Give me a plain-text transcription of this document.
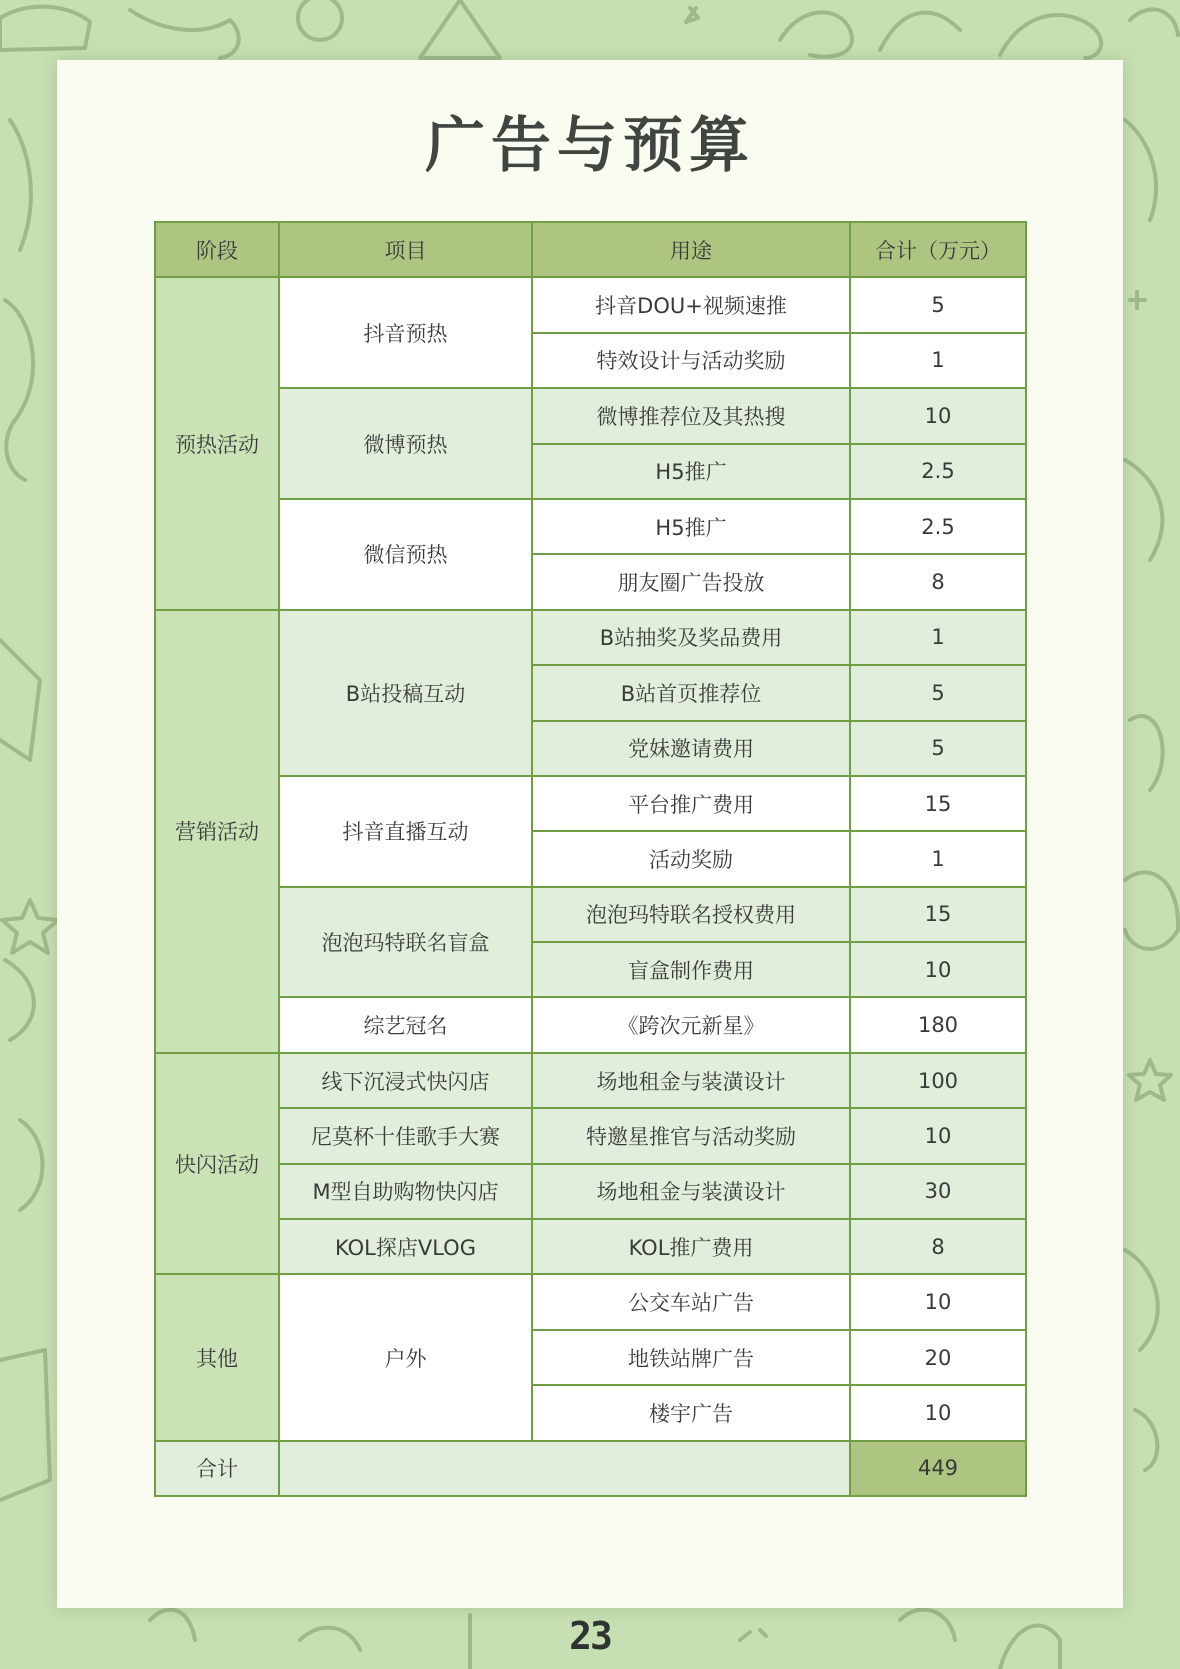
广告与预算
阶段	项目	用途	合计（万元）
预热活动	抖音预热	抖音DOU+视频速推	5
		特效设计与活动奖励	1
	微博预热	微博推荐位及其热搜	10
		H5推广	2.5
	微信预热	H5推广	2.5
		朋友圈广告投放	8
营销活动	B站投稿互动	B站抽奖及奖品费用	1
		B站首页推荐位	5
		党妹邀请费用	5
	抖音直播互动	平台推广费用	15
		活动奖励	1
	泡泡玛特联名盲盒	泡泡玛特联名授权费用	15
		盲盒制作费用	10
	综艺冠名	《跨次元新星》	180
快闪活动	线下沉浸式快闪店	场地租金与装潢设计	100
	尼莫杯十佳歌手大赛	特邀星推官与活动奖励	10
	M型自助购物快闪店	场地租金与装潢设计	30
	KOL探店VLOG	KOL推广费用	8
其他	户外	公交车站广告	10
		地铁站牌广告	20
		楼宇广告	10
合计			449
23
